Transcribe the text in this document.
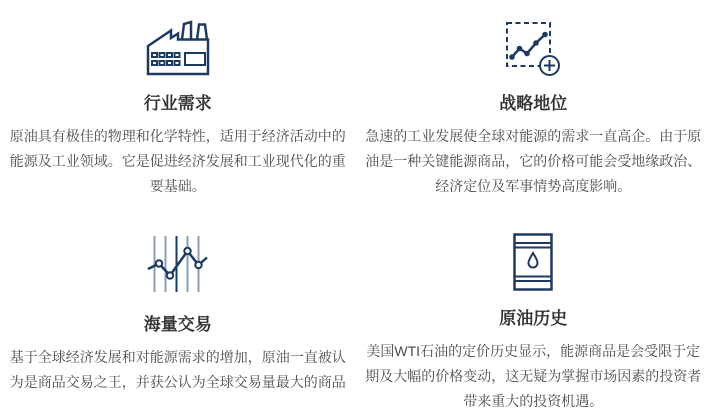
行业需求

原油具有极佳的物理和化学特性，适用于经济活动中的能源及工业领域。它是促进经济发展和工业现代化的重要基础。

战略地位

急速的工业发展使全球对能源的需求一直高企。由于原油是一种关键能源商品，它的价格可能会受地缘政治、经济定位及军事情势高度影响。

海量交易

基于全球经济发展和对能源需求的增加，原油一直被认为是商品交易之王，并获公认为全球交易量最大的商品

原油历史

美国WTI石油的定价历史显示，能源商品是会受限于定期及大幅的价格变动，这无疑为掌握市场因素的投资者带来重大的投资机遇。
